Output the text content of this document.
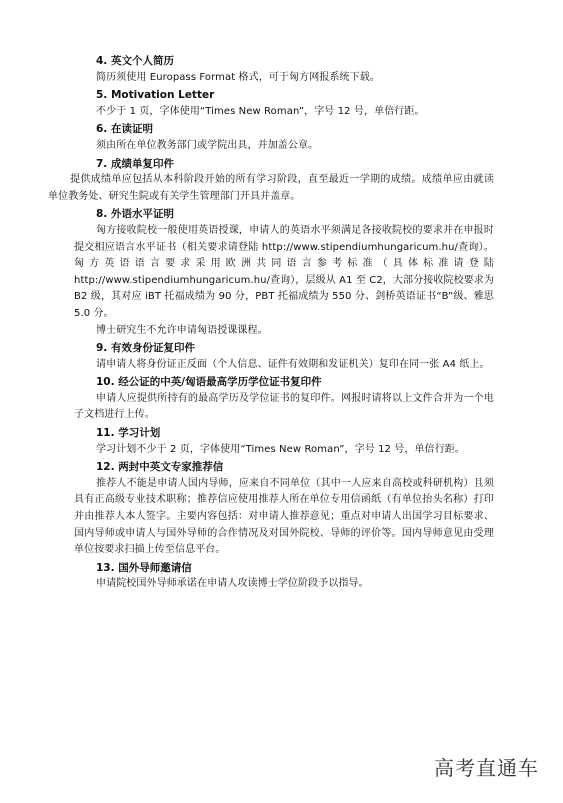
4. 英文个人简历

简历须使用 Europass Format 格式，可于匈方网报系统下载。

5. Motivation Letter

不少于 1 页，字体使用“Times New Roman”，字号 12 号，单倍行距。

6. 在读证明

须由所在单位教务部门或学院出具，并加盖公章。

7. 成绩单复印件

提供成绩单应包括从本科阶段开始的所有学习阶段，直至最近一学期的成绩。成绩单应由就读单位教务处、研究生院或有关学生管理部门开具并盖章。

8. 外语水平证明

匈方接收院校一般使用英语授课，申请人的英语水平须满足各接收院校的要求并在申报时提交相应语言水平证书（相关要求请登陆 http://www.stipendiumhungaricum.hu/查询）。匈方英语语言要求采用欧洲共同语言参考标准（具体标准请登陆 http://www.stipendiumhungaricum.hu/查询），层级从 A1 至 C2，大部分接收院校要求为 B2 级，其对应 iBT 托福成绩为 90 分，PBT 托福成绩为 550 分、剑桥英语证书“B”级、雅思 5.0 分。

博士研究生不允许申请匈语授课课程。

9. 有效身份证复印件

请申请人将身份证正反面（个人信息、证件有效期和发证机关）复印在同一张 A4 纸上。

10. 经公证的中英/匈语最高学历学位证书复印件

申请人应提供所持有的最高学历及学位证书的复印件。网报时请将以上文件合并为一个电子文档进行上传。

11. 学习计划

学习计划不少于 2 页，字体使用“Times New Roman”，字号 12 号，单倍行距。

12. 两封中英文专家推荐信

推荐人不能是申请人国内导师，应来自不同单位（其中一人应来自高校或科研机构）且须具有正高级专业技术职称；推荐信应使用推荐人所在单位专用信函纸（有单位抬头名称）打印并由推荐人本人签字。主要内容包括：对申请人推荐意见；重点对申请人出国学习目标要求、国内导师或申请人与国外导师的合作情况及对国外院校、导师的评价等。国内导师意见由受理单位按要求扫描上传至信息平台。

13. 国外导师邀请信

申请院校国外导师承诺在申请人攻读博士学位阶段予以指导。

高考直通车
